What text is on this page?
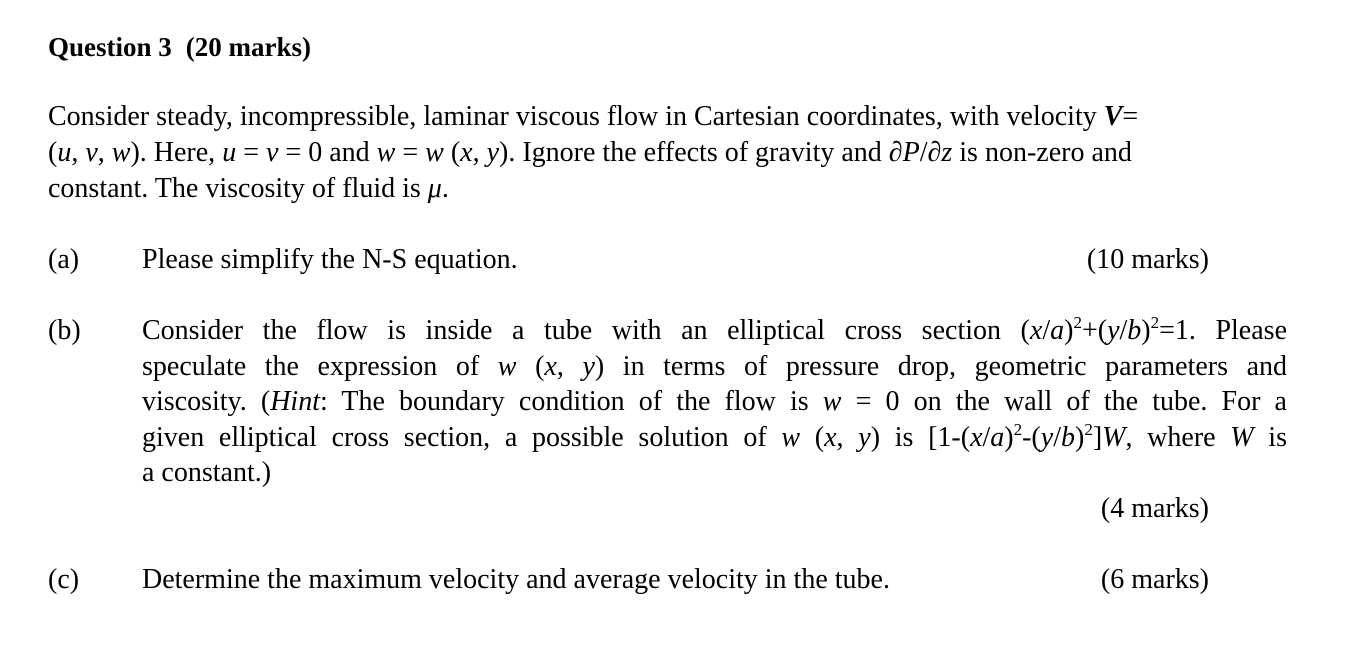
Question 3 (20 marks)
Consider steady, incompressible, laminar viscous flow in Cartesian coordinates, with velocity V=
(u, v, w). Here, u = v = 0 and w = w (x, y). Ignore the effects of gravity and ∂P/∂z is non-zero and
constant. The viscosity of fluid is μ.
(a) Please simplify the N-S equation.	(10 marks)
(b) Consider the flow is inside a tube with an elliptical cross section $(x/a)^2+(y/b)^2=1$. Please
speculate the expression of w (x, y) in terms of pressure drop, geometric parameters and
viscosity. (Hint: The boundary condition of the flow is w = 0 on the wall of the tube. For a
given elliptical cross section, a possible solution of w (x, y) is $[1-(x/a)^2-(y/b)^2]W$, where W is
a constant.)
(4 marks)
(c) Determine the maximum velocity and average velocity in the tube.	(6 marks)
